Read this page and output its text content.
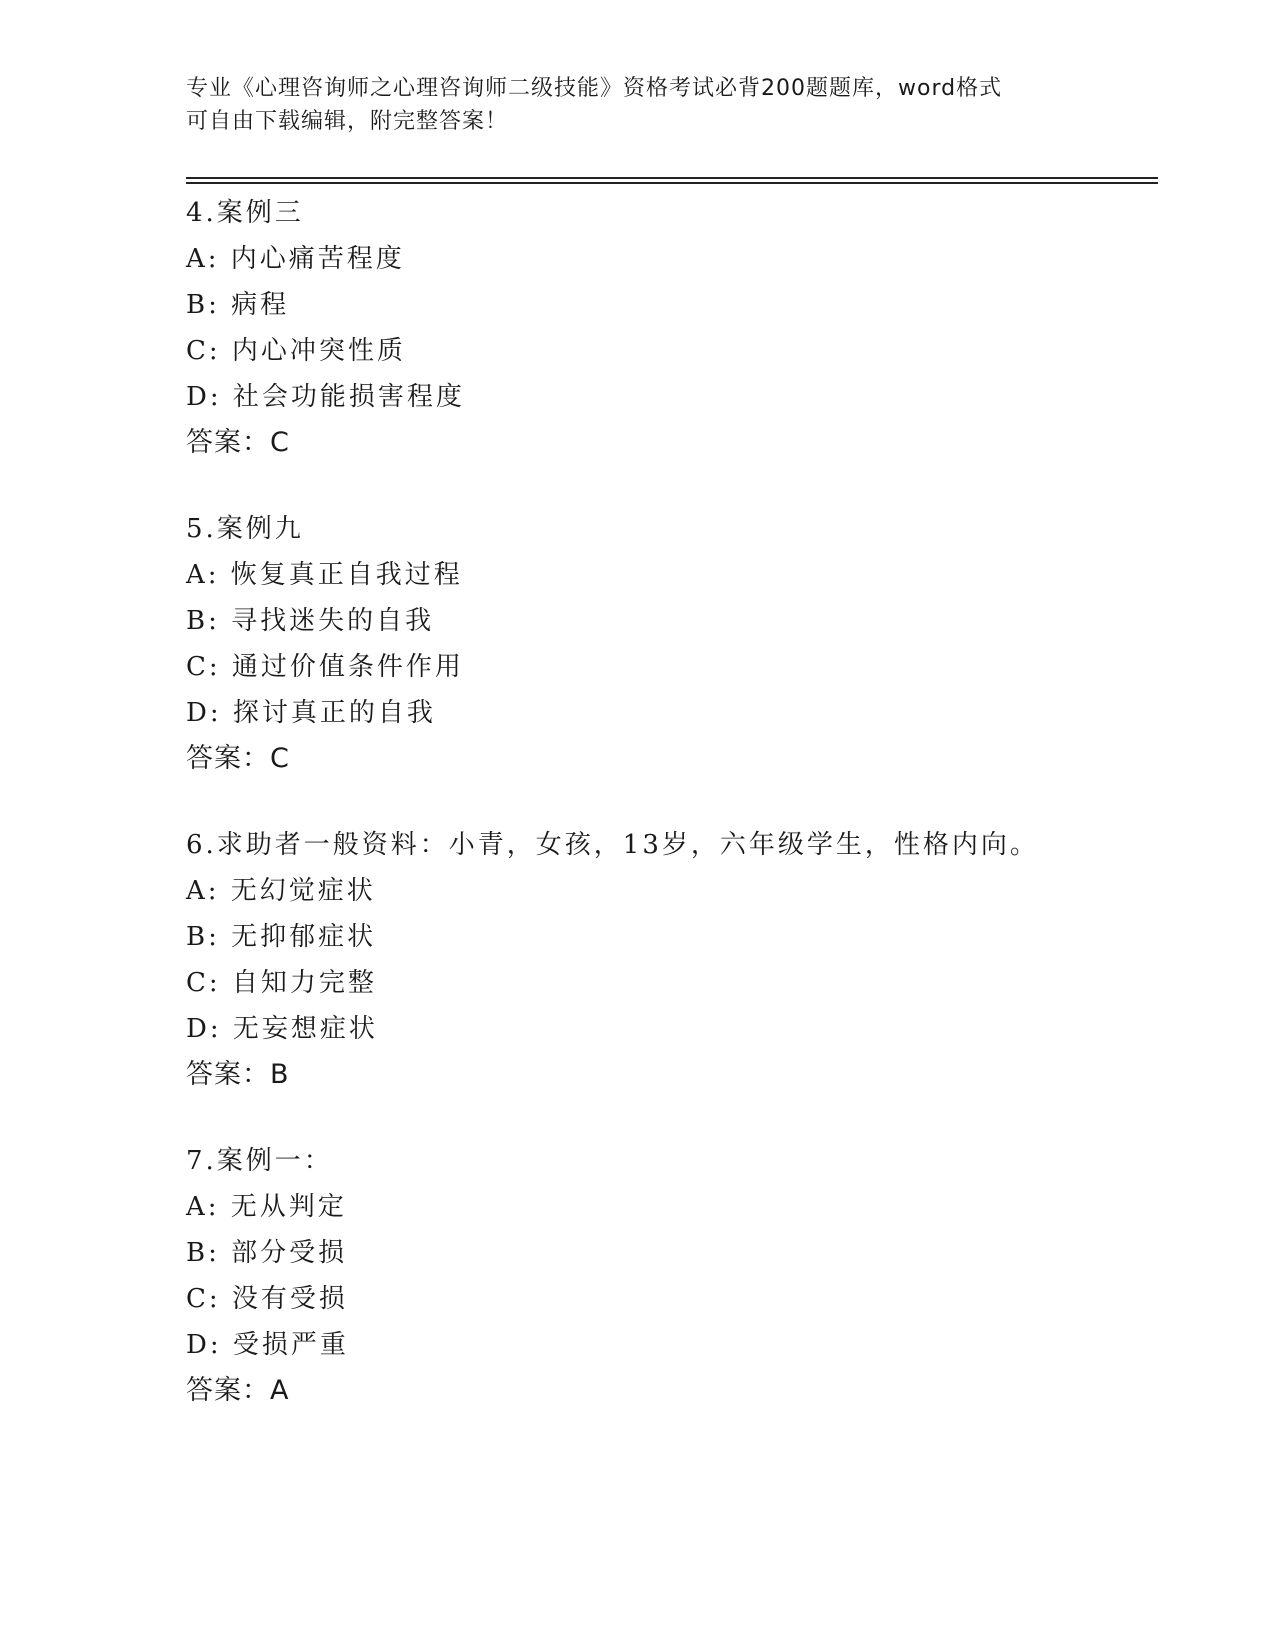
专业《心理咨询师之心理咨询师二级技能》资格考试必背200题题库，word格式
可自由下载编辑，附完整答案！
4.案例三
A: 内心痛苦程度
B: 病程
C: 内心冲突性质
D: 社会功能损害程度
答案：C
5.案例九
A: 恢复真正自我过程
B: 寻找迷失的自我
C: 通过价值条件作用
D: 探讨真正的自我
答案：C
6.求助者一般资料：小青，女孩，13岁，六年级学生，性格内向。
A: 无幻觉症状
B: 无抑郁症状
C: 自知力完整
D: 无妄想症状
答案：B
7.案例一：
A: 无从判定
B: 部分受损
C: 没有受损
D: 受损严重
答案：A
